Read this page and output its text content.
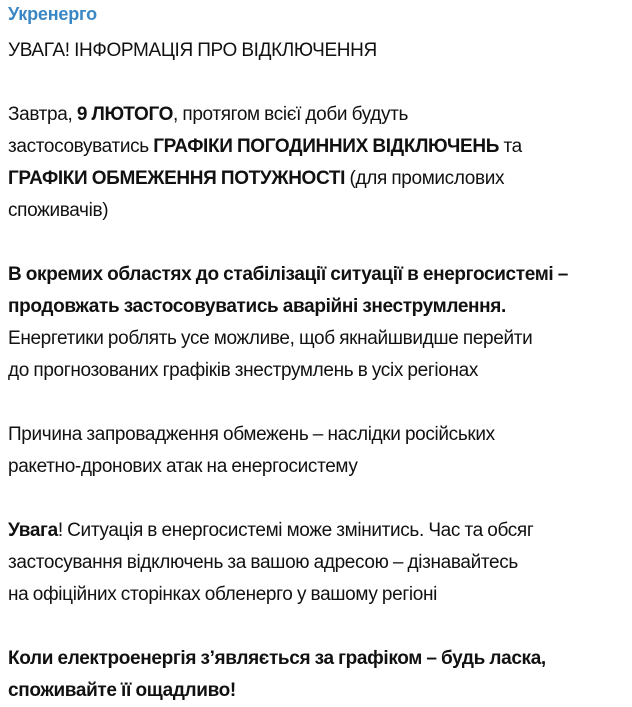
Укренерго
УВАГА! ІНФОРМАЦІЯ ПРО ВІДКЛЮЧЕННЯ
Завтра, 9 ЛЮТОГО, протягом всієї доби будуть
застосовуватись ГРАФІКИ ПОГОДИННИХ ВІДКЛЮЧЕНЬ та
ГРАФІКИ ОБМЕЖЕННЯ ПОТУЖНОСТІ (для промислових
споживачів)
В окремих областях до стабілізації ситуації в енергосистемі –
продовжать застосовуватись аварійні знеструмлення.
Енергетики роблять усе можливе, щоб якнайшвидше перейти
до прогнозованих графіків знеструмлень в усіх регіонах
Причина запровадження обмежень – наслідки російських
ракетно-дронових атак на енергосистему
Увага! Ситуація в енергосистемі може змінитись. Час та обсяг
застосування відключень за вашою адресою – дізнавайтесь
на офіційних сторінках обленерго у вашому регіоні
Коли електроенергія з’являється за графіком – будь ласка,
споживайте її ощадливо!
